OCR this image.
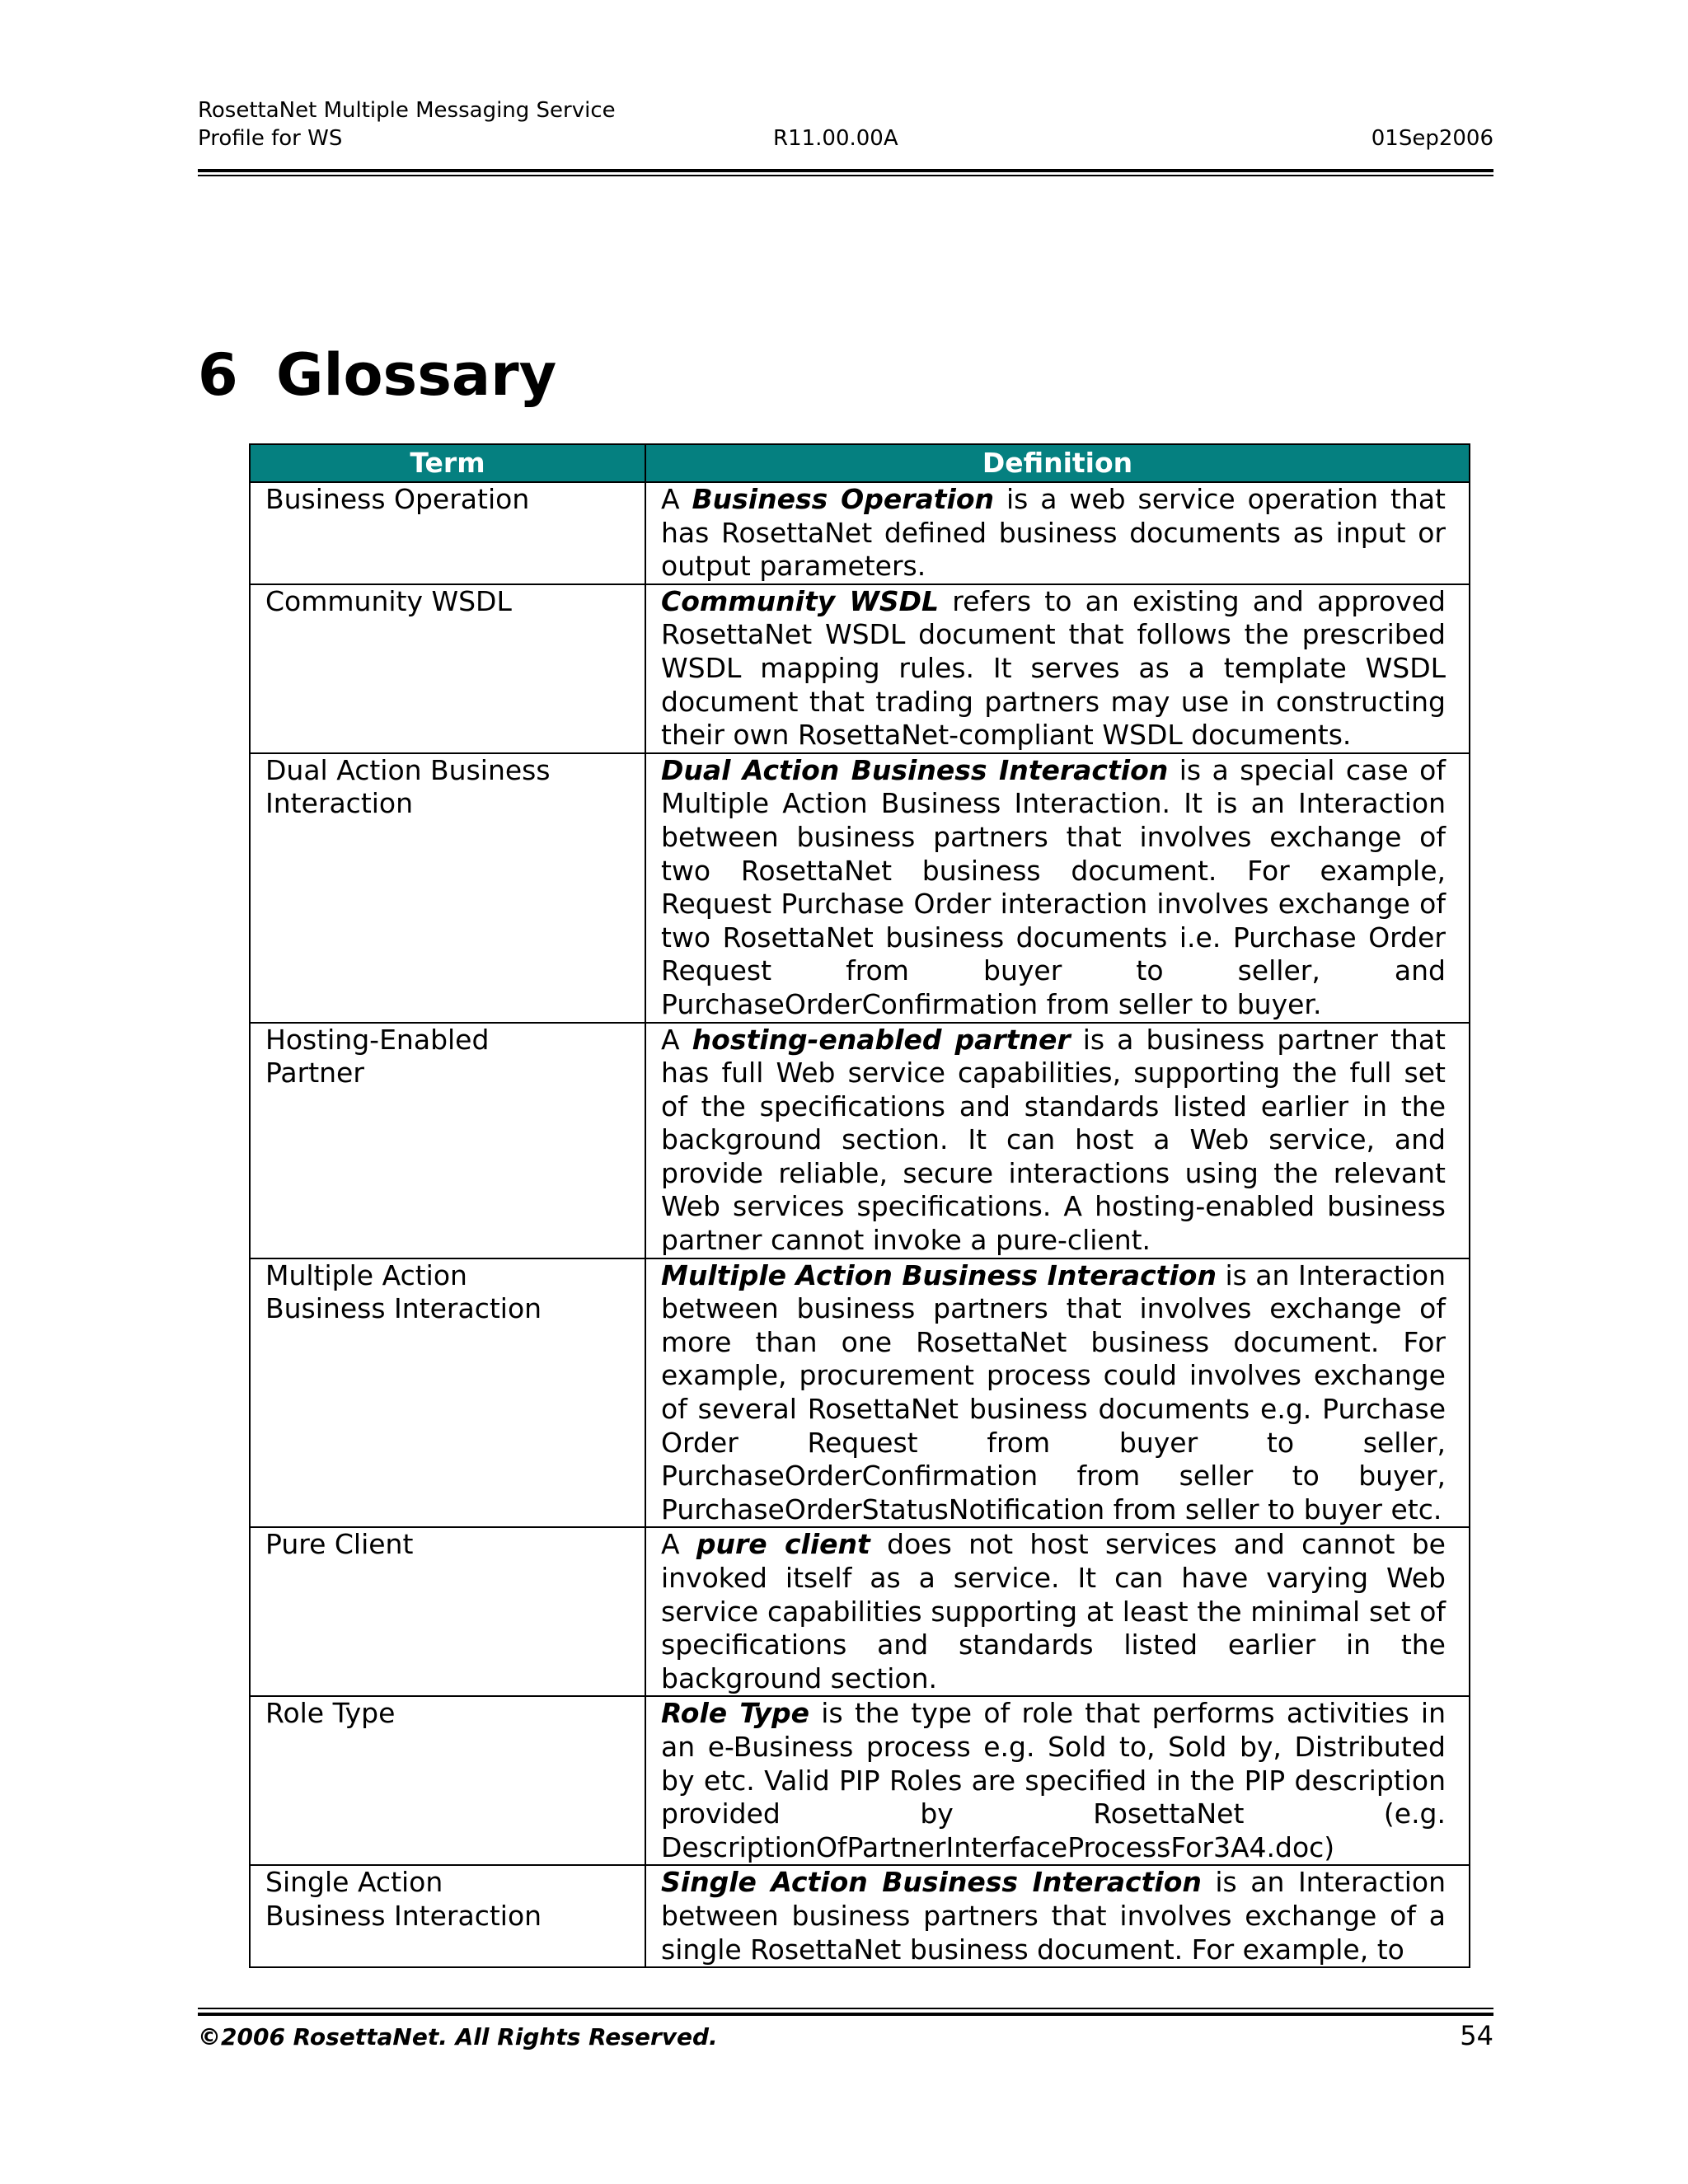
RosettaNet Multiple Messaging Service
Profile for WS	R11.00.00A	01Sep2006
6 Glossary
Term	Definition

Business Operation	A Business Operation is a web service operation that has RosettaNet defined business documents as input or output parameters.

Community WSDL	Community WSDL refers to an existing and approved RosettaNet WSDL document that follows the prescribed WSDL mapping rules. It serves as a template WSDL document that trading partners may use in constructing their own RosettaNet-compliant WSDL documents.

Dual Action Business
Interaction	Dual Action Business Interaction is a special case of Multiple Action Business Interaction. It is an Interaction between business partners that involves exchange of two RosettaNet business document. For example, Request Purchase Order interaction involves exchange of two RosettaNet business documents i.e. Purchase Order Request from buyer to seller, and PurchaseOrderConfirmation from seller to buyer.

Hosting-Enabled
Partner	A hosting-enabled partner is a business partner that has full Web service capabilities, supporting the full set of the specifications and standards listed earlier in the background section. It can host a Web service, and provide reliable, secure interactions using the relevant Web services specifications. A hosting-enabled business partner cannot invoke a pure-client.

Multiple Action
Business Interaction	Multiple Action Business Interaction is an Interaction between business partners that involves exchange of more than one RosettaNet business document. For example, procurement process could involves exchange of several RosettaNet business documents e.g. Purchase Order Request from buyer to seller, PurchaseOrderConfirmation from seller to buyer, PurchaseOrderStatusNotification from seller to buyer etc.

Pure Client	A pure client does not host services and cannot be invoked itself as a service. It can have varying Web service capabilities supporting at least the minimal set of specifications and standards listed earlier in the background section.

Role Type	Role Type is the type of role that performs activities in an e-Business process e.g. Sold to, Sold by, Distributed by etc. Valid PIP Roles are specified in the PIP description provided by RosettaNet (e.g. DescriptionOfPartnerInterfaceProcessFor3A4.doc)

Single Action
Business Interaction	Single Action Business Interaction is an Interaction between business partners that involves exchange of a single RosettaNet business document. For example, to
©2006 RosettaNet. All Rights Reserved.	54
